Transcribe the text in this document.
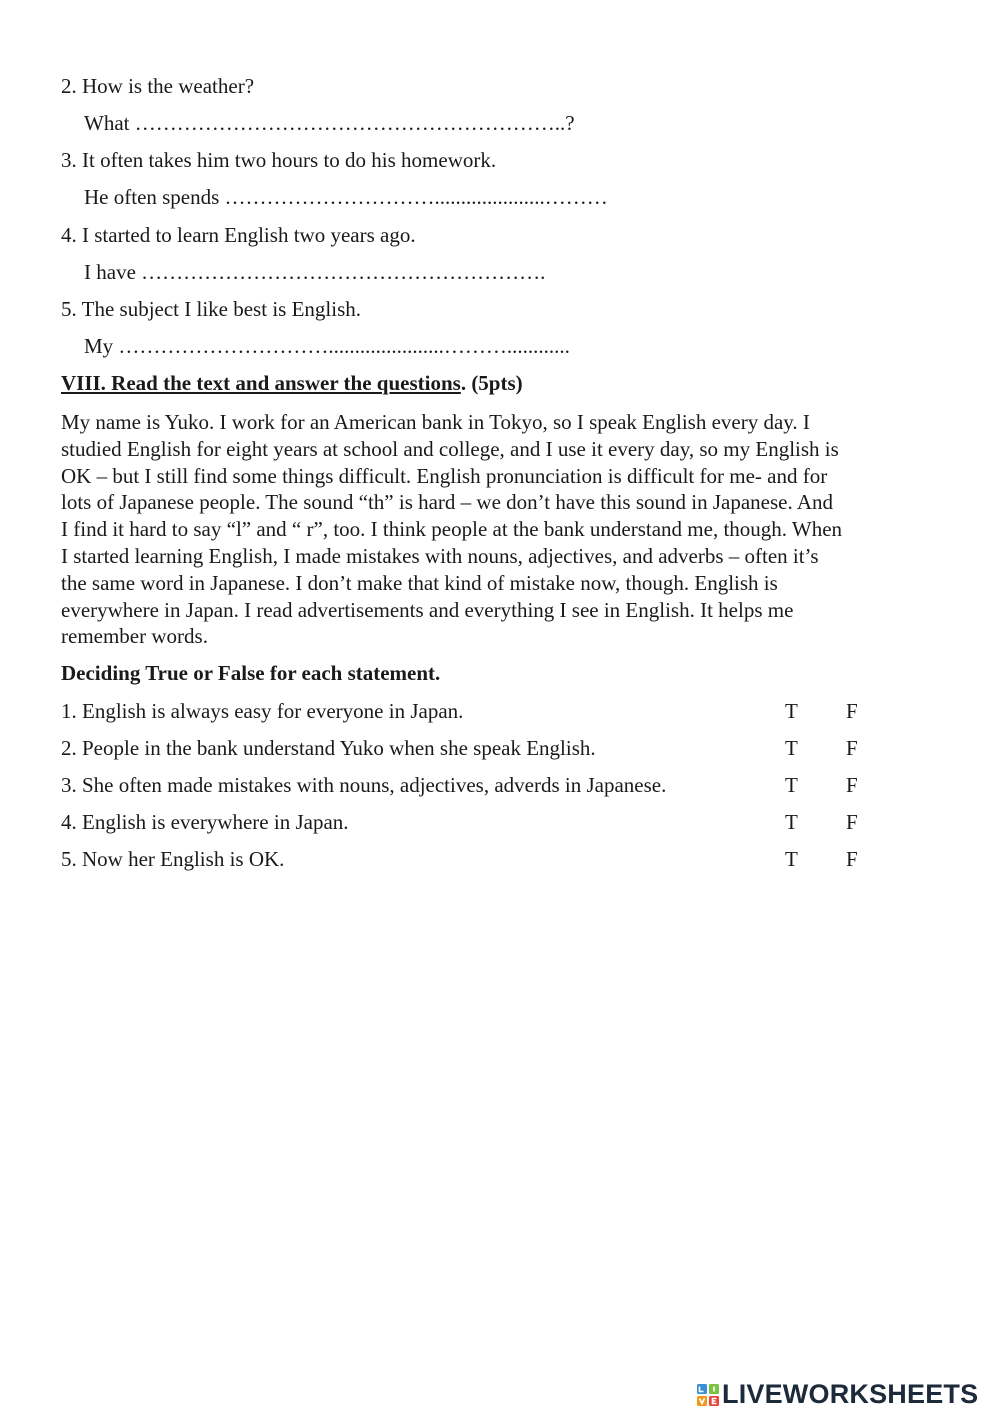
2. How is the weather?
What ……………………………………………………..?
3. It often takes him two hours to do his homework.
He often spends ………………………….....................………
4. I started to learn English two years ago.
I have ………………………………………………….
5. The subject I like best is English.
My …………………………......................………............
VIII. Read the text and answer the questions. (5pts)
My name is Yuko. I work for an American bank in Tokyo, so I speak English every day. I
studied English for eight years at school and college, and I use it every day, so my English is
OK – but I still find some things difficult. English pronunciation is difficult for me- and for
lots of Japanese people. The sound “th” is hard – we don’t have this sound in Japanese. And
I find it hard to say “l” and “ r”, too. I think people at the bank understand me, though. When
I started learning English, I made mistakes with nouns, adjectives, and adverbs – often it’s
the same word in Japanese. I don’t make that kind of mistake now, though. English is
everywhere in Japan. I read advertisements and everything I see in English. It helps me
remember words.
Deciding True or False for each statement.
1. English is always easy for everyone in Japan.	T F
2. People in the bank understand Yuko when she speak English.	T F
3. She often made mistakes with nouns, adjectives, adverds in Japanese.	T F
4. English is everywhere in Japan.	T F
5. Now her English is OK.	T F
LIVEWORKSHEETS
